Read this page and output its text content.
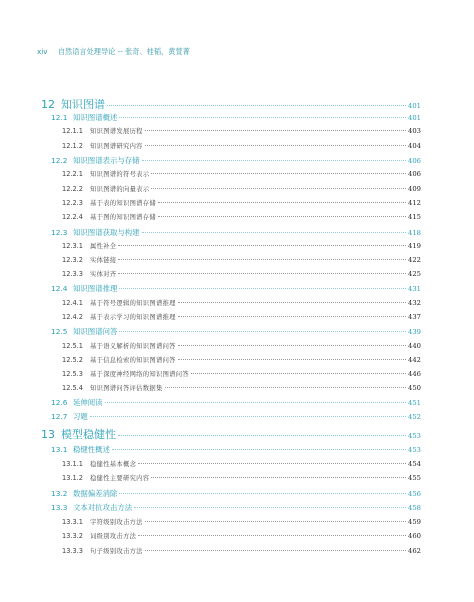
xiv 自然语言处理导论 -- 张奇、桂韬、黄萱菁
12 知识图谱	401
12.1 知识图谱概述	401
12.1.1	知识图谱发展历程	403
12.1.2	知识图谱研究内容	404
12.2 知识图谱表示与存储	406
12.2.1	知识图谱的符号表示	406
12.2.2	知识图谱的向量表示	409
12.2.3	基于表的知识图谱存储	412
12.2.4	基于图的知识图谱存储	415
12.3 知识图谱获取与构建	418
12.3.1	属性补全	419
12.3.2	实体链接	422
12.3.3	实体对齐	425
12.4 知识图谱推理	431
12.4.1	基于符号逻辑的知识图谱推理	432
12.4.2	基于表示学习的知识图谱推理	437
12.5 知识图谱问答	439
12.5.1	基于语义解析的知识图谱问答	440
12.5.2	基于信息检索的知识图谱问答	442
12.5.3	基于深度神经网络的知识图谱问答	446
12.5.4	知识图谱问答评估数据集	450
12.6 延伸阅读	451
12.7 习题	452
13 模型稳健性	453
13.1 稳健性概述	453
13.1.1	稳健性基本概念	454
13.1.2	稳健性主要研究内容	455
13.2 数据偏差消除	456
13.3 文本对抗攻击方法	458
13.3.1	字符级别攻击方法	459
13.3.2	词级别攻击方法	460
13.3.3	句子级别攻击方法	462
